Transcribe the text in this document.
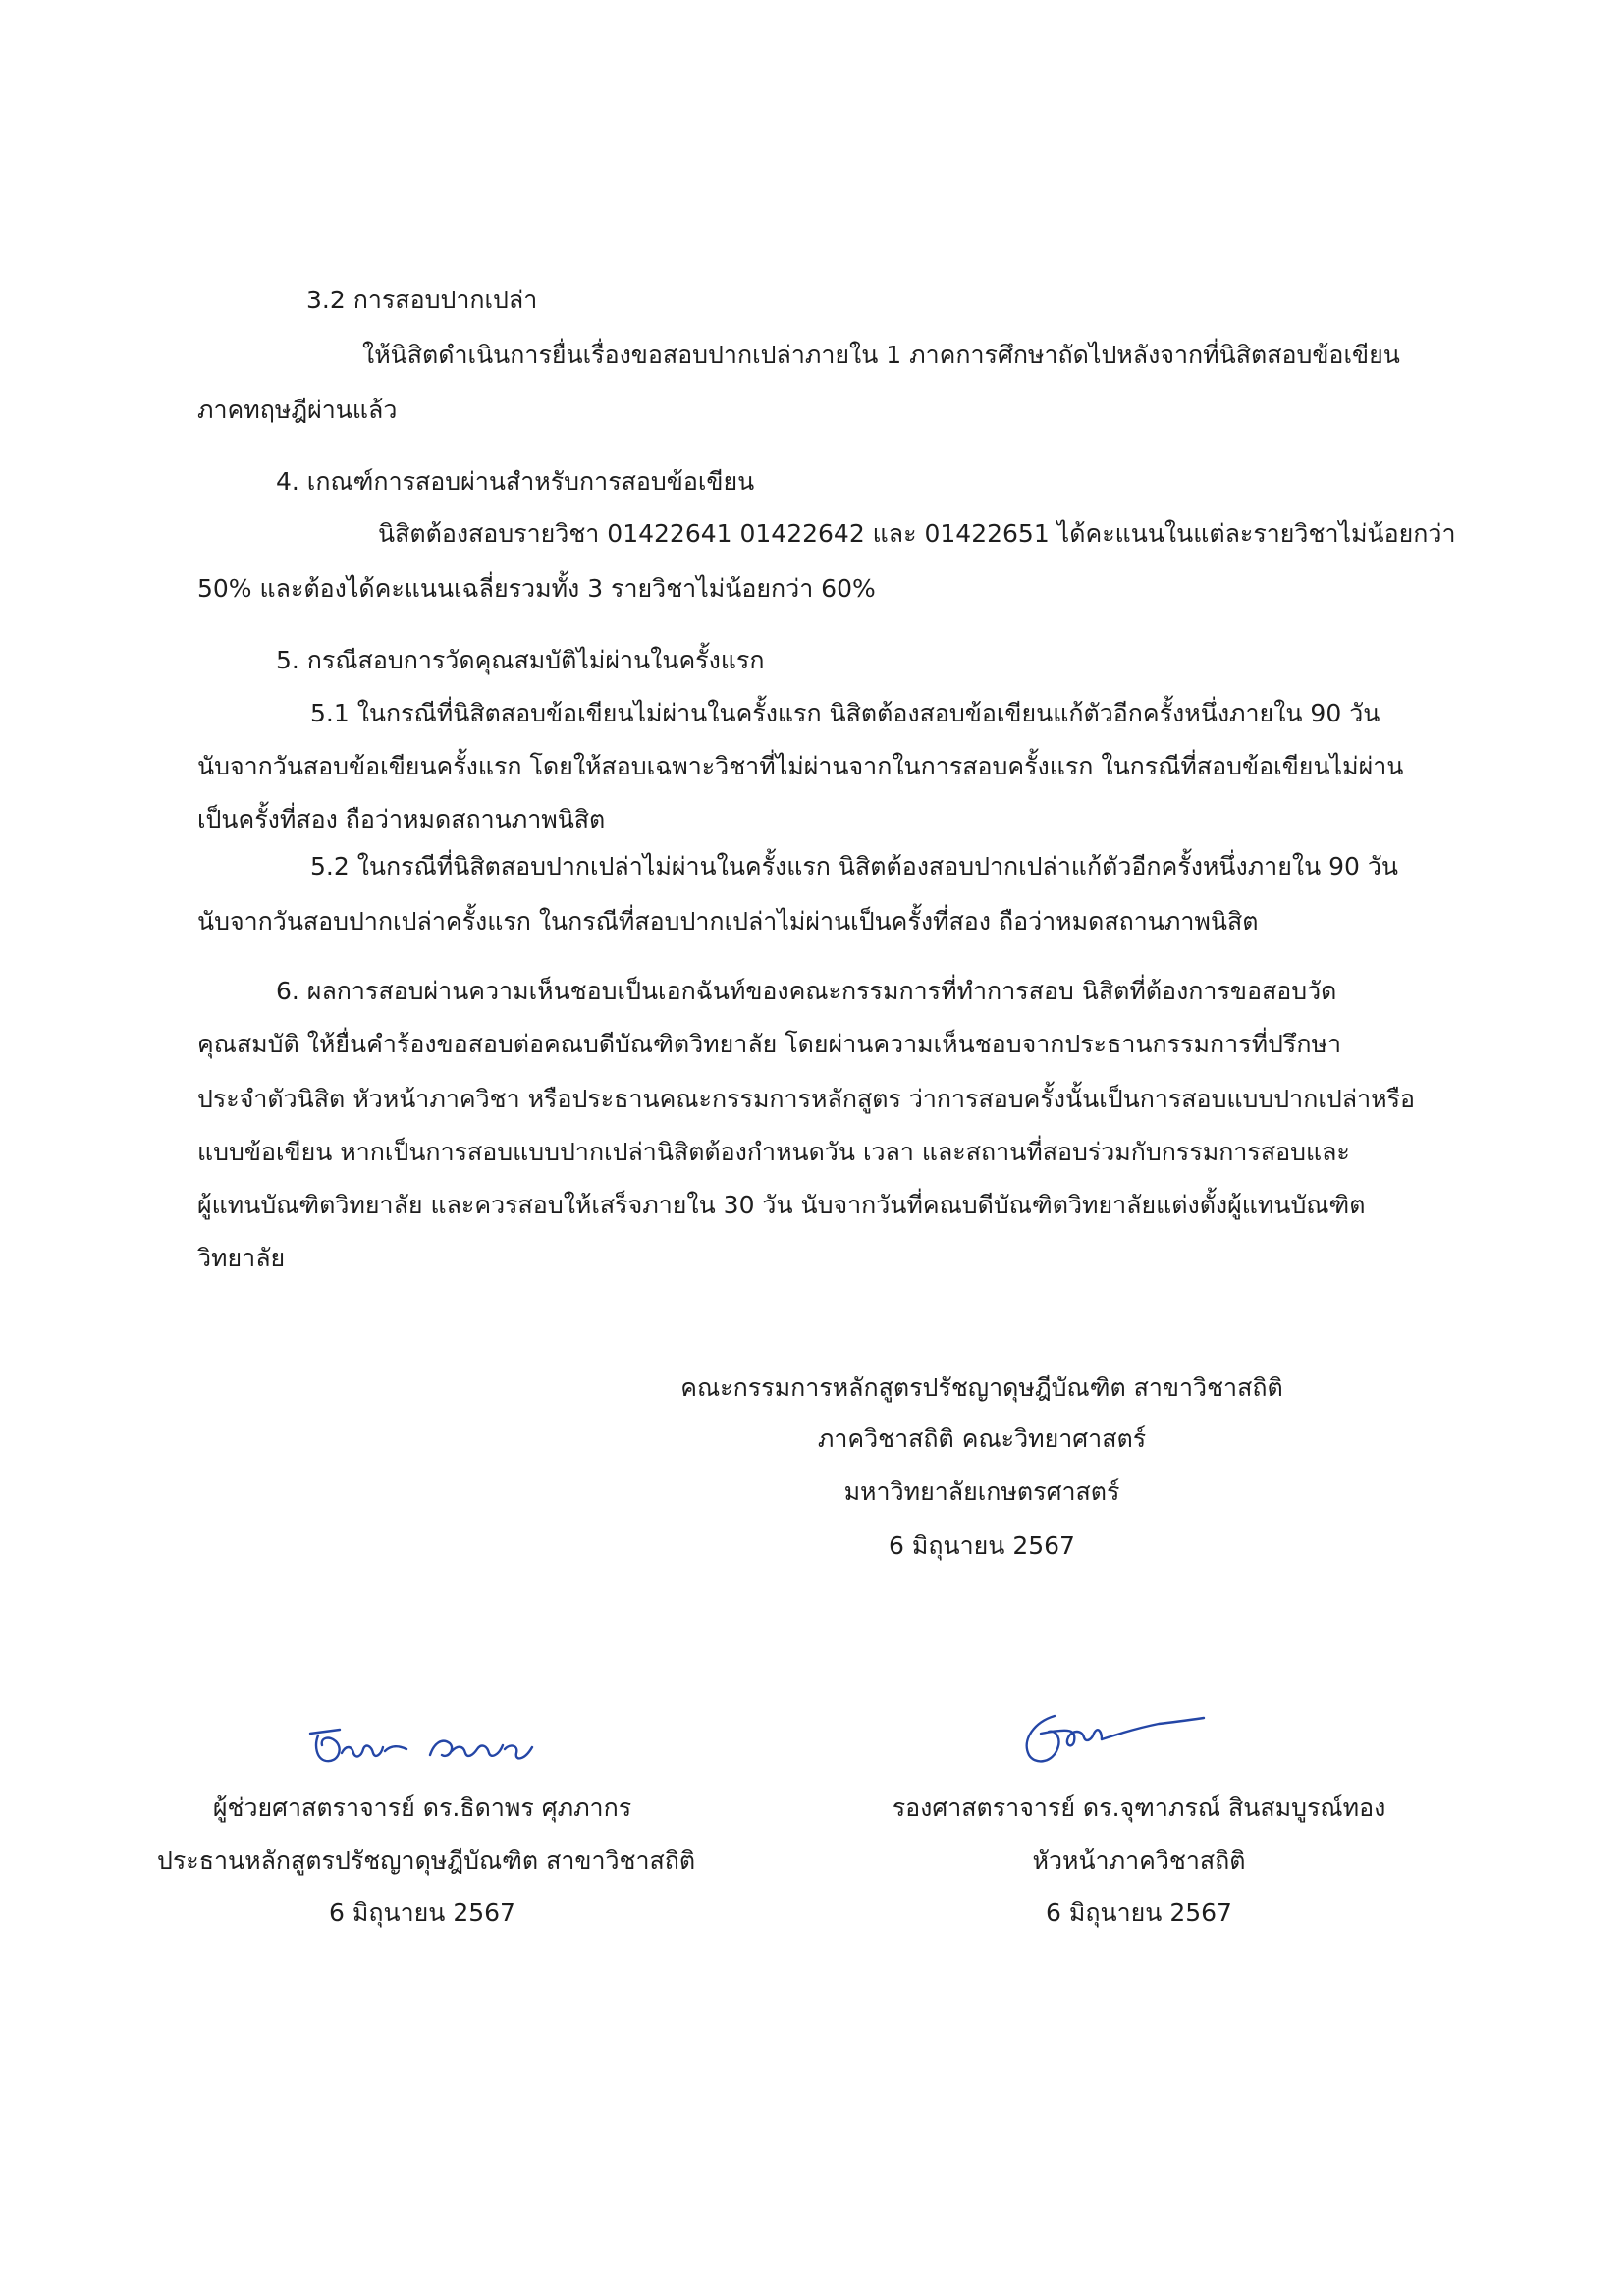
3.2 การสอบปากเปล่า
ให้นิสิตดำเนินการยื่นเรื่องขอสอบปากเปล่าภายใน 1 ภาคการศึกษาถัดไปหลังจากที่นิสิตสอบข้อเขียน
ภาคทฤษฎีผ่านแล้ว
4. เกณฑ์การสอบผ่านสำหรับการสอบข้อเขียน
นิสิตต้องสอบรายวิชา 01422641 01422642 และ 01422651 ได้คะแนนในแต่ละรายวิชาไม่น้อยกว่า
50% และต้องได้คะแนนเฉลี่ยรวมทั้ง 3 รายวิชาไม่น้อยกว่า 60%
5. กรณีสอบการวัดคุณสมบัติไม่ผ่านในครั้งแรก
5.1 ในกรณีที่นิสิตสอบข้อเขียนไม่ผ่านในครั้งแรก นิสิตต้องสอบข้อเขียนแก้ตัวอีกครั้งหนึ่งภายใน 90 วัน
นับจากวันสอบข้อเขียนครั้งแรก โดยให้สอบเฉพาะวิชาที่ไม่ผ่านจากในการสอบครั้งแรก ในกรณีที่สอบข้อเขียนไม่ผ่าน
เป็นครั้งที่สอง ถือว่าหมดสถานภาพนิสิต
5.2 ในกรณีที่นิสิตสอบปากเปล่าไม่ผ่านในครั้งแรก นิสิตต้องสอบปากเปล่าแก้ตัวอีกครั้งหนึ่งภายใน 90 วัน
นับจากวันสอบปากเปล่าครั้งแรก ในกรณีที่สอบปากเปล่าไม่ผ่านเป็นครั้งที่สอง ถือว่าหมดสถานภาพนิสิต
6. ผลการสอบผ่านความเห็นชอบเป็นเอกฉันท์ของคณะกรรมการที่ทำการสอบ นิสิตที่ต้องการขอสอบวัด
คุณสมบัติ ให้ยื่นคำร้องขอสอบต่อคณบดีบัณฑิตวิทยาลัย โดยผ่านความเห็นชอบจากประธานกรรมการที่ปรึกษา
ประจำตัวนิสิต หัวหน้าภาควิชา หรือประธานคณะกรรมการหลักสูตร ว่าการสอบครั้งนั้นเป็นการสอบแบบปากเปล่าหรือ
แบบข้อเขียน หากเป็นการสอบแบบปากเปล่านิสิตต้องกำหนดวัน เวลา และสถานที่สอบร่วมกับกรรมการสอบและ
ผู้แทนบัณฑิตวิทยาลัย และควรสอบให้เสร็จภายใน 30 วัน นับจากวันที่คณบดีบัณฑิตวิทยาลัยแต่งตั้งผู้แทนบัณฑิต
วิทยาลัย
คณะกรรมการหลักสูตรปรัชญาดุษฎีบัณฑิต สาขาวิชาสถิติ
ภาควิชาสถิติ คณะวิทยาศาสตร์
มหาวิทยาลัยเกษตรศาสตร์
6 มิถุนายน 2567
ผู้ช่วยศาสตราจารย์ ดร.ธิดาพร ศุภภากร
ประธานหลักสูตรปรัชญาดุษฎีบัณฑิต สาขาวิชาสถิติ
6 มิถุนายน 2567
รองศาสตราจารย์ ดร.จุฑาภรณ์ สินสมบูรณ์ทอง
หัวหน้าภาควิชาสถิติ
6 มิถุนายน 2567
